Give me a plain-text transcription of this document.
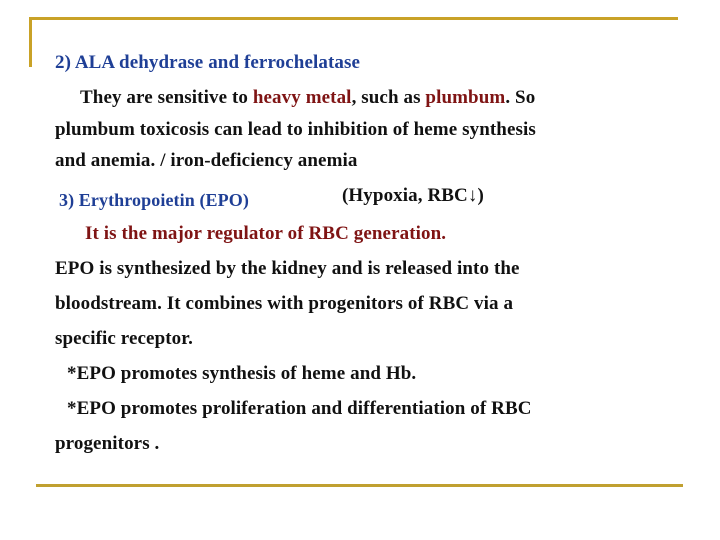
2) ALA dehydrase and ferrochelatase
They are sensitive to heavy metal, such as plumbum. So
plumbum toxicosis can lead to inhibition of heme synthesis
and anemia. / iron-deficiency anemia
3) Erythropoietin (EPO)	(Hypoxia, RBC↓)
It is the major regulator of RBC generation.
EPO is synthesized by the kidney and is released into the
bloodstream. It combines with progenitors of RBC via a
specific receptor.
*EPO promotes synthesis of heme and Hb.
*EPO promotes proliferation and differentiation of RBC
progenitors .
